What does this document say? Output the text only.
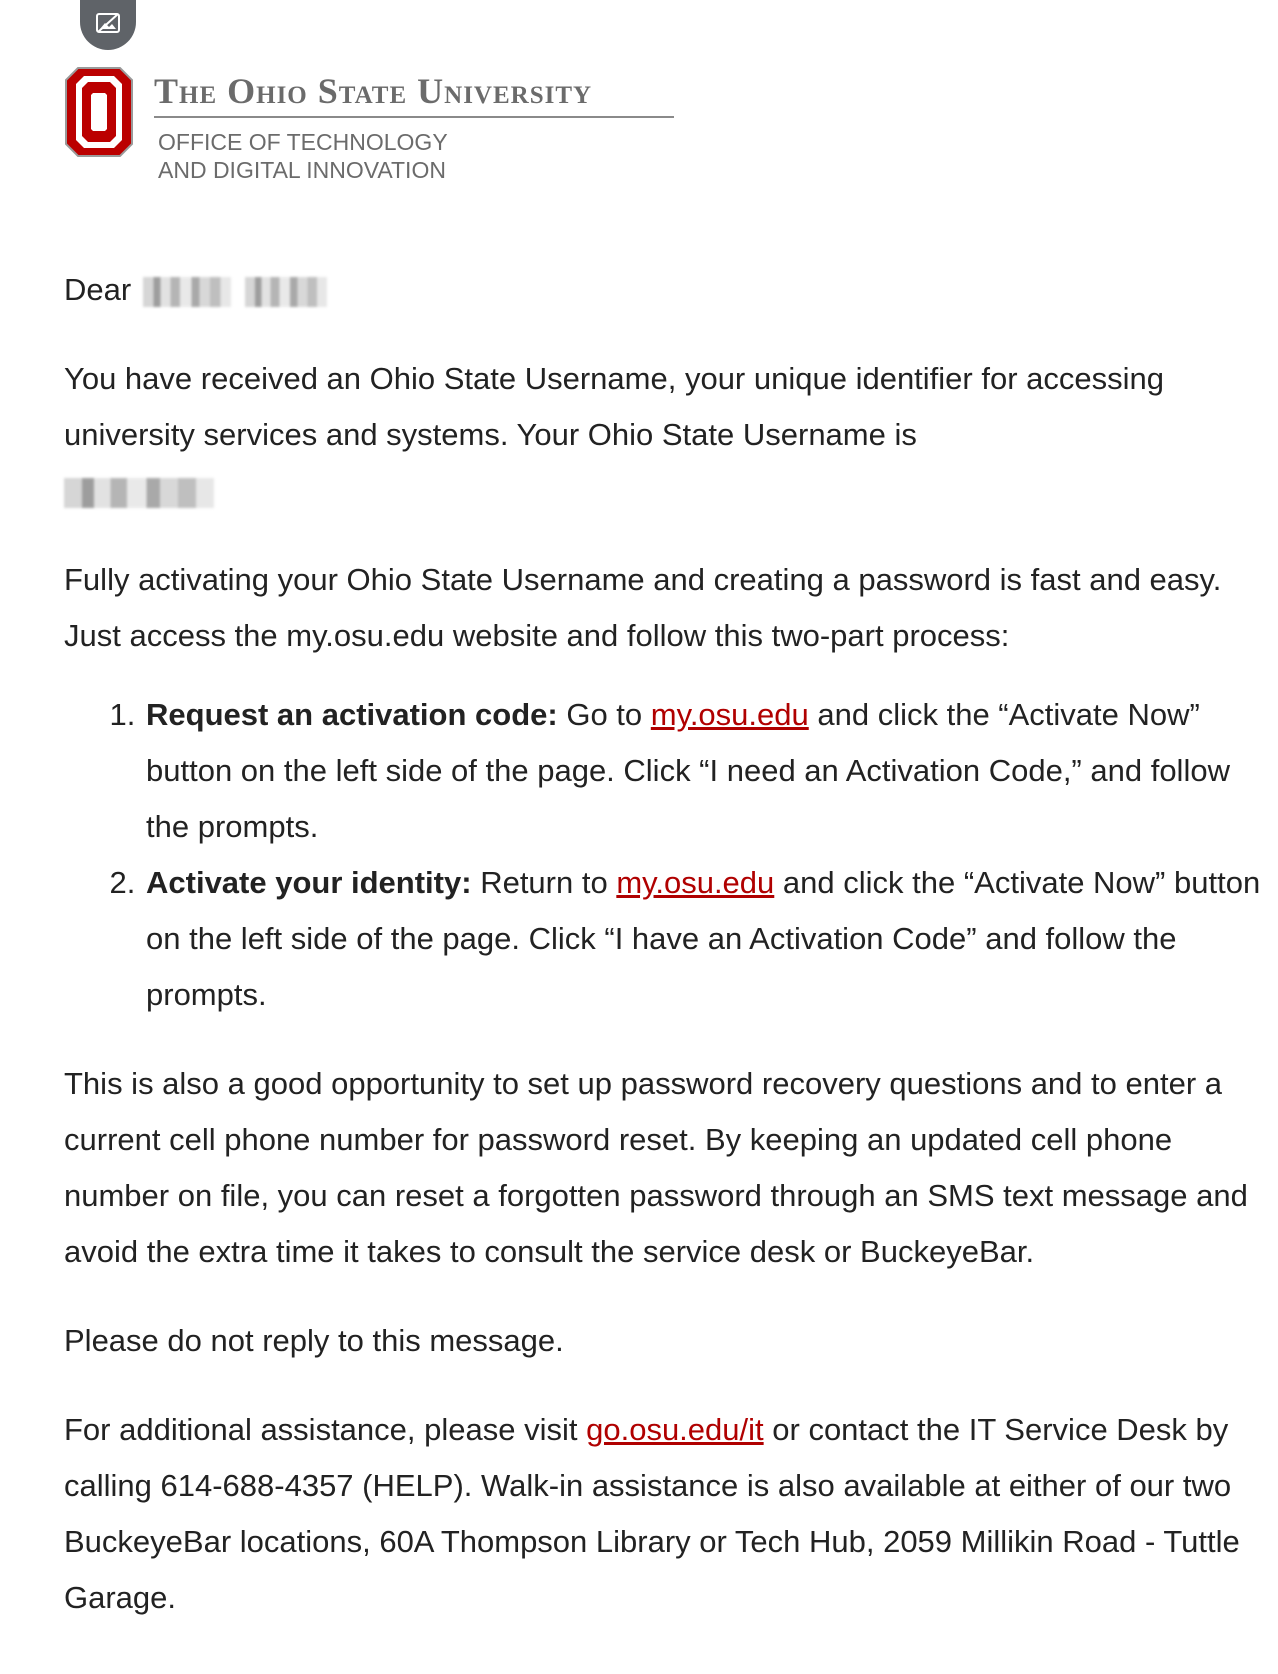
The Ohio State University
OFFICE OF TECHNOLOGY
AND DIGITAL INNOVATION

Dear

You have received an Ohio State Username, your unique identifier for accessing university services and systems. Your Ohio State Username is

Fully activating your Ohio State Username and creating a password is fast and easy. Just access the my.osu.edu website and follow this two-part process:

1. Request an activation code: Go to my.osu.edu and click the “Activate Now” button on the left side of the page. Click “I need an Activation Code,” and follow the prompts.
2. Activate your identity: Return to my.osu.edu and click the “Activate Now” button on the left side of the page. Click “I have an Activation Code” and follow the prompts.

This is also a good opportunity to set up password recovery questions and to enter a current cell phone number for password reset. By keeping an updated cell phone number on file, you can reset a forgotten password through an SMS text message and avoid the extra time it takes to consult the service desk or BuckeyeBar.

Please do not reply to this message.

For additional assistance, please visit go.osu.edu/it or contact the IT Service Desk by calling 614-688-4357 (HELP). Walk-in assistance is also available at either of our two BuckeyeBar locations, 60A Thompson Library or Tech Hub, 2059 Millikin Road - Tuttle Garage.
